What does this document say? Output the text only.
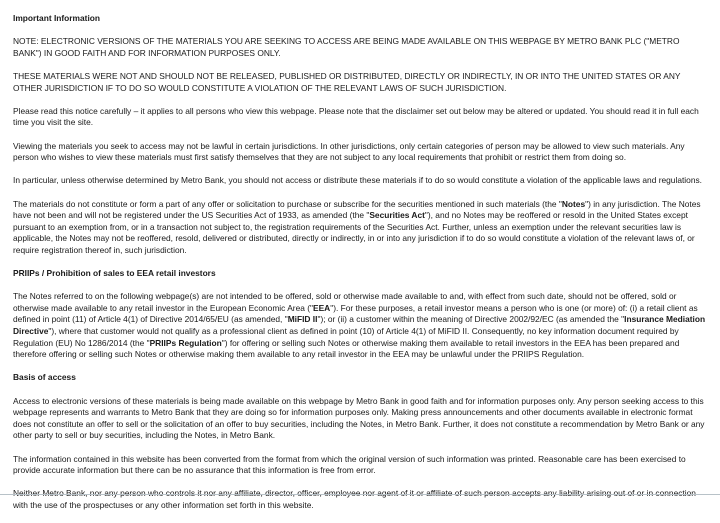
Important Information

NOTE: ELECTRONIC VERSIONS OF THE MATERIALS YOU ARE SEEKING TO ACCESS ARE BEING MADE AVAILABLE ON THIS WEBPAGE BY METRO BANK PLC ("METRO BANK") IN GOOD FAITH AND FOR INFORMATION PURPOSES ONLY.

THESE MATERIALS WERE NOT AND SHOULD NOT BE RELEASED, PUBLISHED OR DISTRIBUTED, DIRECTLY OR INDIRECTLY, IN OR INTO THE UNITED STATES OR ANY OTHER JURISDICTION IF TO DO SO WOULD CONSTITUTE A VIOLATION OF THE RELEVANT LAWS OF SUCH JURISDICTION.

Please read this notice carefully – it applies to all persons who view this webpage. Please note that the disclaimer set out below may be altered or updated. You should read it in full each time you visit the site.

Viewing the materials you seek to access may not be lawful in certain jurisdictions. In other jurisdictions, only certain categories of person may be allowed to view such materials. Any person who wishes to view these materials must first satisfy themselves that they are not subject to any local requirements that prohibit or restrict them from doing so.

In particular, unless otherwise determined by Metro Bank, you should not access or distribute these materials if to do so would constitute a violation of the applicable laws and regulations.

The materials do not constitute or form a part of any offer or solicitation to purchase or subscribe for the securities mentioned in such materials (the "Notes") in any jurisdiction. The Notes have not been and will not be registered under the US Securities Act of 1933, as amended (the "Securities Act"), and no Notes may be reoffered or resold in the United States except pursuant to an exemption from, or in a transaction not subject to, the registration requirements of the Securities Act. Further, unless an exemption under the relevant securities law is applicable, the Notes may not be reoffered, resold, delivered or distributed, directly or indirectly, in or into any jurisdiction if to do so would constitute a violation of the relevant laws of, or require registration thereof in, such jurisdiction.

PRIIPs / Prohibition of sales to EEA retail investors

The Notes referred to on the following webpage(s) are not intended to be offered, sold or otherwise made available to and, with effect from such date, should not be offered, sold or otherwise made available to any retail investor in the European Economic Area ("EEA"). For these purposes, a retail investor means a person who is one (or more) of: (i) a retail client as defined in point (11) of Article 4(1) of Directive 2014/65/EU (as amended, "MiFID II"); or (ii) a customer within the meaning of Directive 2002/92/EC (as amended the "Insurance Mediation Directive"), where that customer would not qualify as a professional client as defined in point (10) of Article 4(1) of MiFID II. Consequently, no key information document required by Regulation (EU) No 1286/2014 (the "PRIIPs Regulation") for offering or selling such Notes or otherwise making them available to retail investors in the EEA has been prepared and therefore offering or selling such Notes or otherwise making them available to any retail investor in the EEA may be unlawful under the PRIIPS Regulation.

Basis of access

Access to electronic versions of these materials is being made available on this webpage by Metro Bank in good faith and for information purposes only. Any person seeking access to this webpage represents and warrants to Metro Bank that they are doing so for information purposes only. Making press announcements and other documents available in electronic format does not constitute an offer to sell or the solicitation of an offer to buy securities, including the Notes, in Metro Bank. Further, it does not constitute a recommendation by Metro Bank or any other party to sell or buy securities, including the Notes, in Metro Bank.

The information contained in this website has been converted from the format from which the original version of such information was printed. Reasonable care has been exercised to provide accurate information but there can be no assurance that this information is free from error.

Neither Metro Bank, nor any person who controls it nor any affiliate, director, officer, employee nor agent of it or affiliate of such person accepts any liability arising out of or in connection with the use of the prospectuses or any other information set forth in this website.
